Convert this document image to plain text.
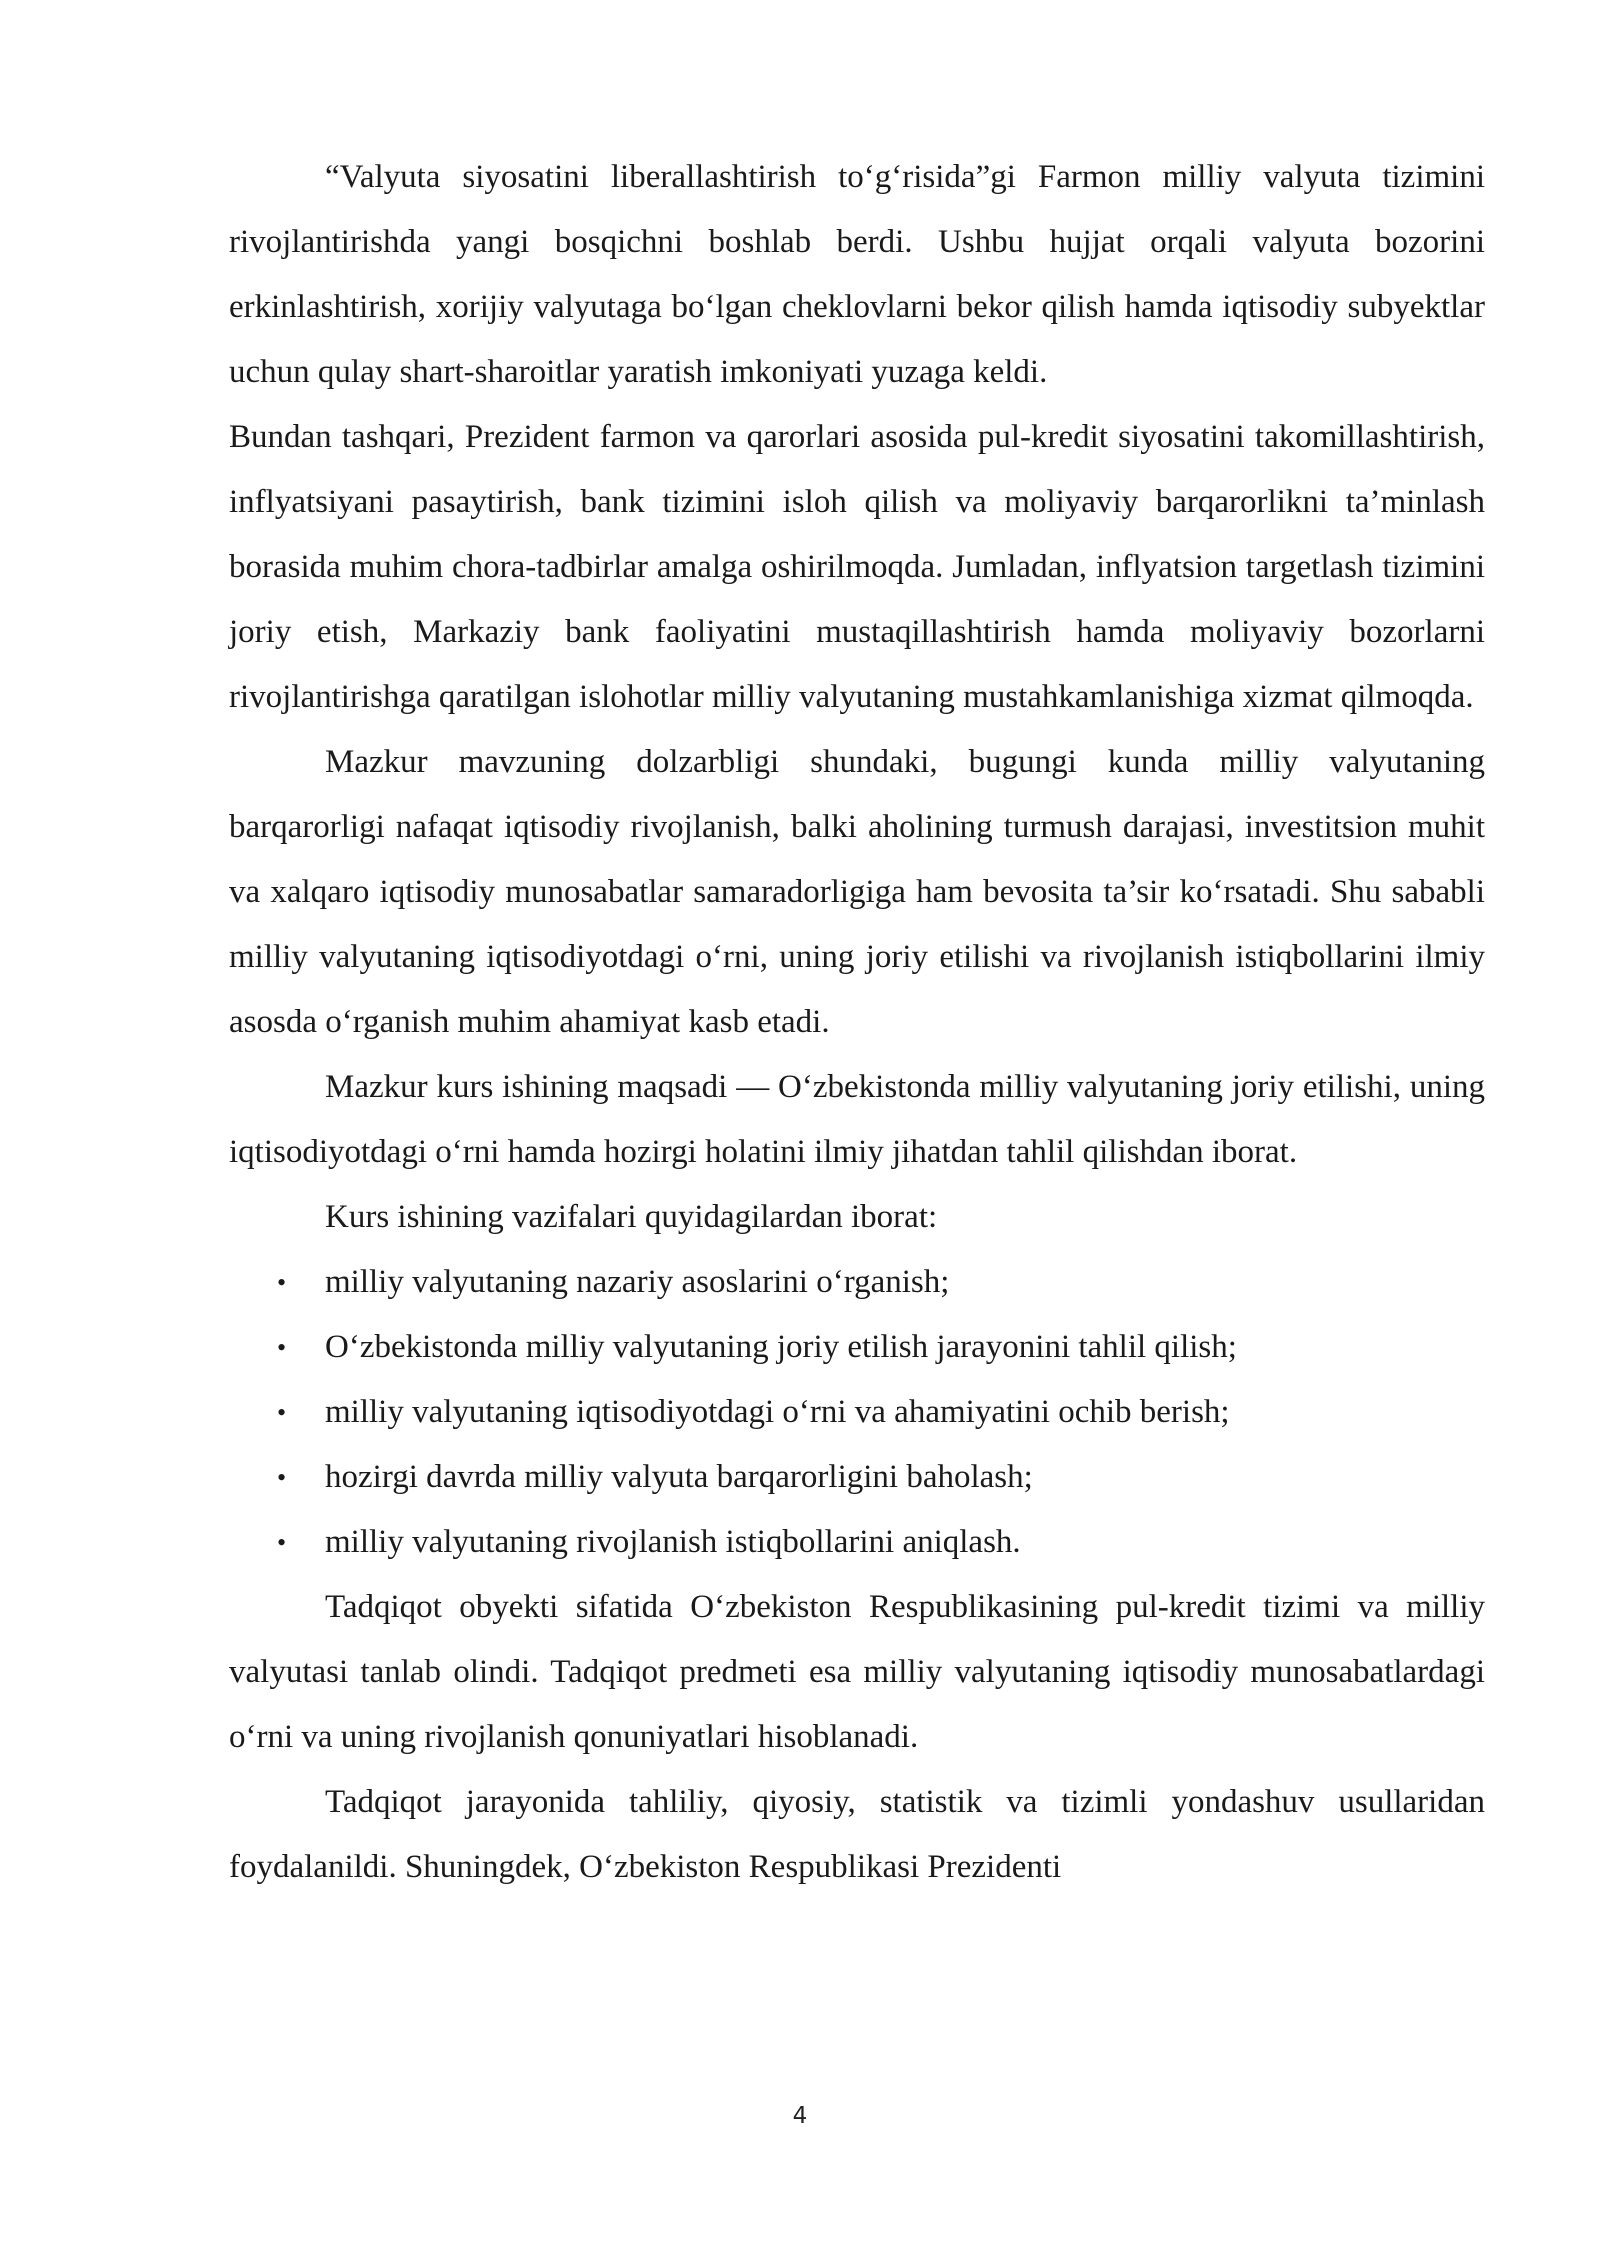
“Valyuta siyosatini liberallashtirish to‘g‘risida”gi Farmon milliy valyuta tizimini rivojlantirishda yangi bosqichni boshlab berdi. Ushbu hujjat orqali valyuta bozorini erkinlashtirish, xorijiy valyutaga bo‘lgan cheklovlarni bekor qilish hamda iqtisodiy subyektlar uchun qulay shart-sharoitlar yaratish imkoniyati yuzaga keldi.

Bundan tashqari, Prezident farmon va qarorlari asosida pul-kredit siyosatini takomillashtirish, inflyatsiyani pasaytirish, bank tizimini isloh qilish va moliyaviy barqarorlikni ta’minlash borasida muhim chora-tadbirlar amalga oshirilmoqda. Jumladan, inflyatsion targetlash tizimini joriy etish, Markaziy bank faoliyatini mustaqillashtirish hamda moliyaviy bozorlarni rivojlantirishga qaratilgan islohotlar milliy valyutaning mustahkamlanishiga xizmat qilmoqda.

Mazkur mavzuning dolzarbligi shundaki, bugungi kunda milliy valyutaning barqarorligi nafaqat iqtisodiy rivojlanish, balki aholining turmush darajasi, investitsion muhit va xalqaro iqtisodiy munosabatlar samaradorligiga ham bevosita ta’sir ko‘rsatadi. Shu sababli milliy valyutaning iqtisodiyotdagi o‘rni, uning joriy etilishi va rivojlanish istiqbollarini ilmiy asosda o‘rganish muhim ahamiyat kasb etadi.

Mazkur kurs ishining maqsadi — O‘zbekistonda milliy valyutaning joriy etilishi, uning iqtisodiyotdagi o‘rni hamda hozirgi holatini ilmiy jihatdan tahlil qilishdan iborat.

Kurs ishining vazifalari quyidagilardan iborat:

• milliy valyutaning nazariy asoslarini o‘rganish;
• O‘zbekistonda milliy valyutaning joriy etilish jarayonini tahlil qilish;
• milliy valyutaning iqtisodiyotdagi o‘rni va ahamiyatini ochib berish;
• hozirgi davrda milliy valyuta barqarorligini baholash;
• milliy valyutaning rivojlanish istiqbollarini aniqlash.

Tadqiqot obyekti sifatida O‘zbekiston Respublikasining pul-kredit tizimi va milliy valyutasi tanlab olindi. Tadqiqot predmeti esa milliy valyutaning iqtisodiy munosabatlardagi o‘rni va uning rivojlanish qonuniyatlari hisoblanadi.

Tadqiqot jarayonida tahliliy, qiyosiy, statistik va tizimli yondashuv usullaridan foydalanildi. Shuningdek, O‘zbekiston Respublikasi Prezidenti

4
